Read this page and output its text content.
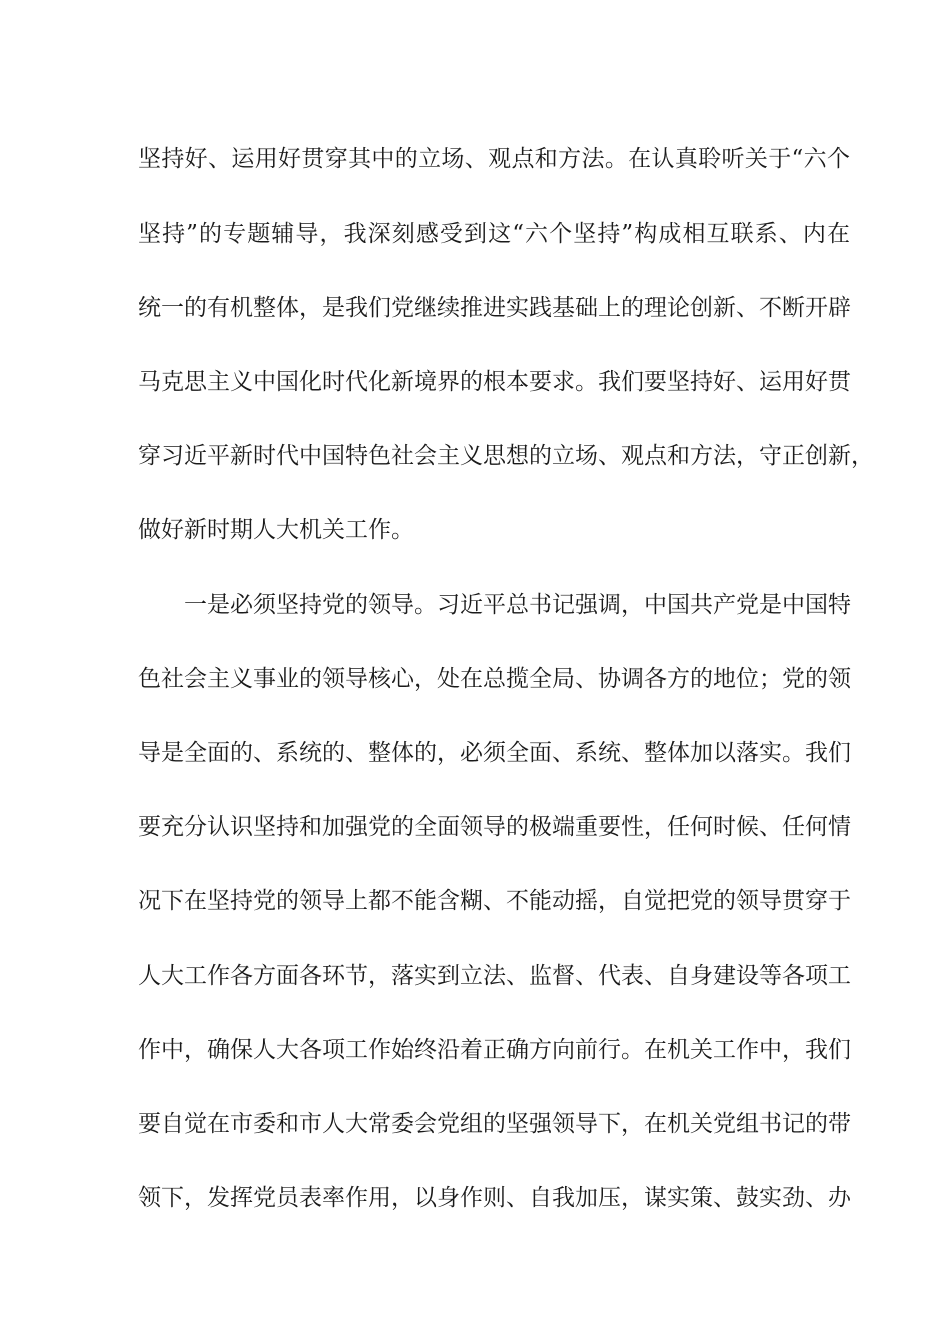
坚持好、运用好贯穿其中的立场、观点和方法。在认真聆听关于“六个
坚持”的专题辅导，我深刻感受到这“六个坚持”构成相互联系、内在
统一的有机整体，是我们党继续推进实践基础上的理论创新、不断开辟
马克思主义中国化时代化新境界的根本要求。我们要坚持好、运用好贯
穿习近平新时代中国特色社会主义思想的立场、观点和方法，守正创新，
做好新时期人大机关工作。
一是必须坚持党的领导。习近平总书记强调，中国共产党是中国特
色社会主义事业的领导核心，处在总揽全局、协调各方的地位；党的领
导是全面的、系统的、整体的，必须全面、系统、整体加以落实。我们
要充分认识坚持和加强党的全面领导的极端重要性，任何时候、任何情
况下在坚持党的领导上都不能含糊、不能动摇，自觉把党的领导贯穿于
人大工作各方面各环节，落实到立法、监督、代表、自身建设等各项工
作中，确保人大各项工作始终沿着正确方向前行。在机关工作中，我们
要自觉在市委和市人大常委会党组的坚强领导下，在机关党组书记的带
领下，发挥党员表率作用，以身作则、自我加压，谋实策、鼓实劲、办
